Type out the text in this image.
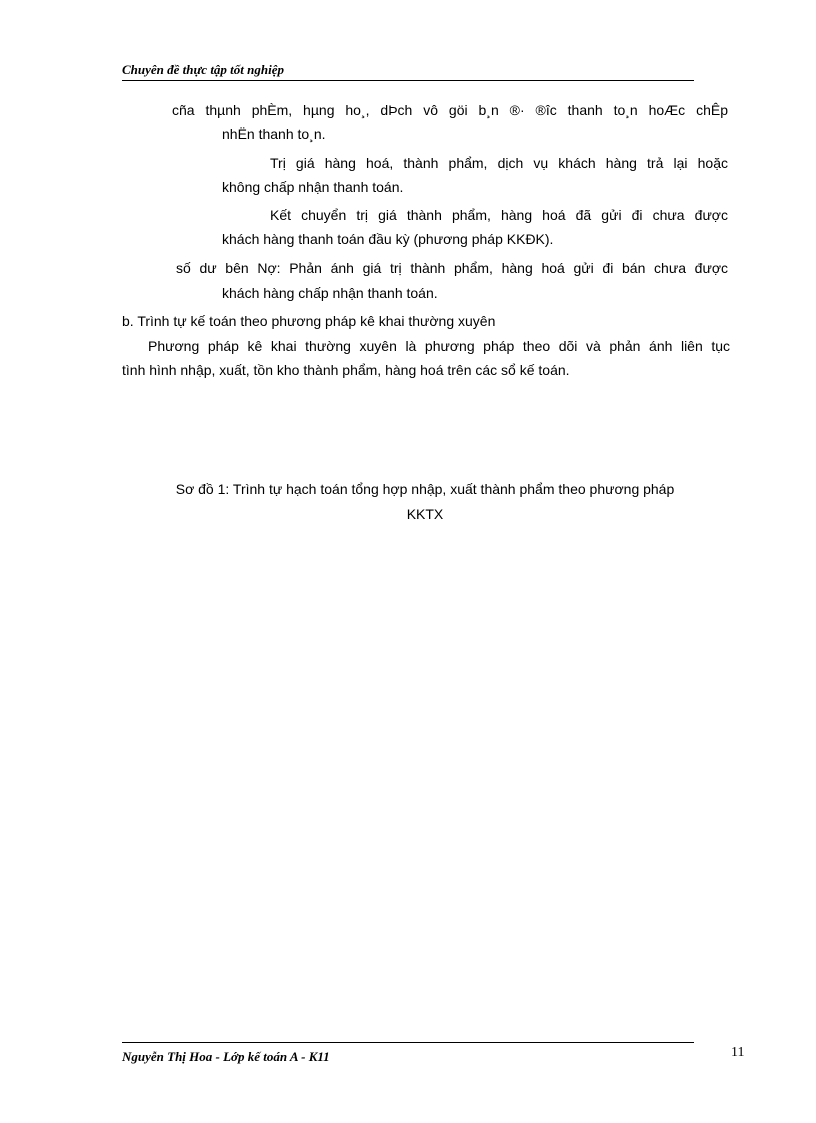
Chuyên đề thực tập tốt nghiệp
cña thµnh phÈm, hµng ho¸, dÞch vô göi b¸n ®· ®îc thanh to¸n hoÆc chÊp
nhËn thanh to¸n.
Trị giá hàng hoá, thành phẩm, dịch vụ khách hàng trả lại hoặc
không chấp nhận thanh toán.
Kết chuyển trị giá thành phẩm, hàng hoá đã gửi đi chưa được
khách hàng thanh toán đầu kỳ (phương pháp KKĐK).
số dư bên Nợ: Phản ánh giá trị thành phẩm, hàng hoá gửi đi bán chưa được
khách hàng chấp nhận thanh toán.
b. Trình tự kế toán theo phương pháp kê khai thường xuyên
Phương pháp kê khai thường xuyên là phương pháp theo dõi và phản ánh liên tục
tình hình nhập, xuất, tồn kho thành phẩm, hàng hoá trên các sổ kế toán.
Sơ đồ 1: Trình tự hạch toán tổng hợp nhập, xuất thành phẩm theo phương pháp
KKTX
Nguyễn Thị Hoa - Lớp kế toán A - K11	11
